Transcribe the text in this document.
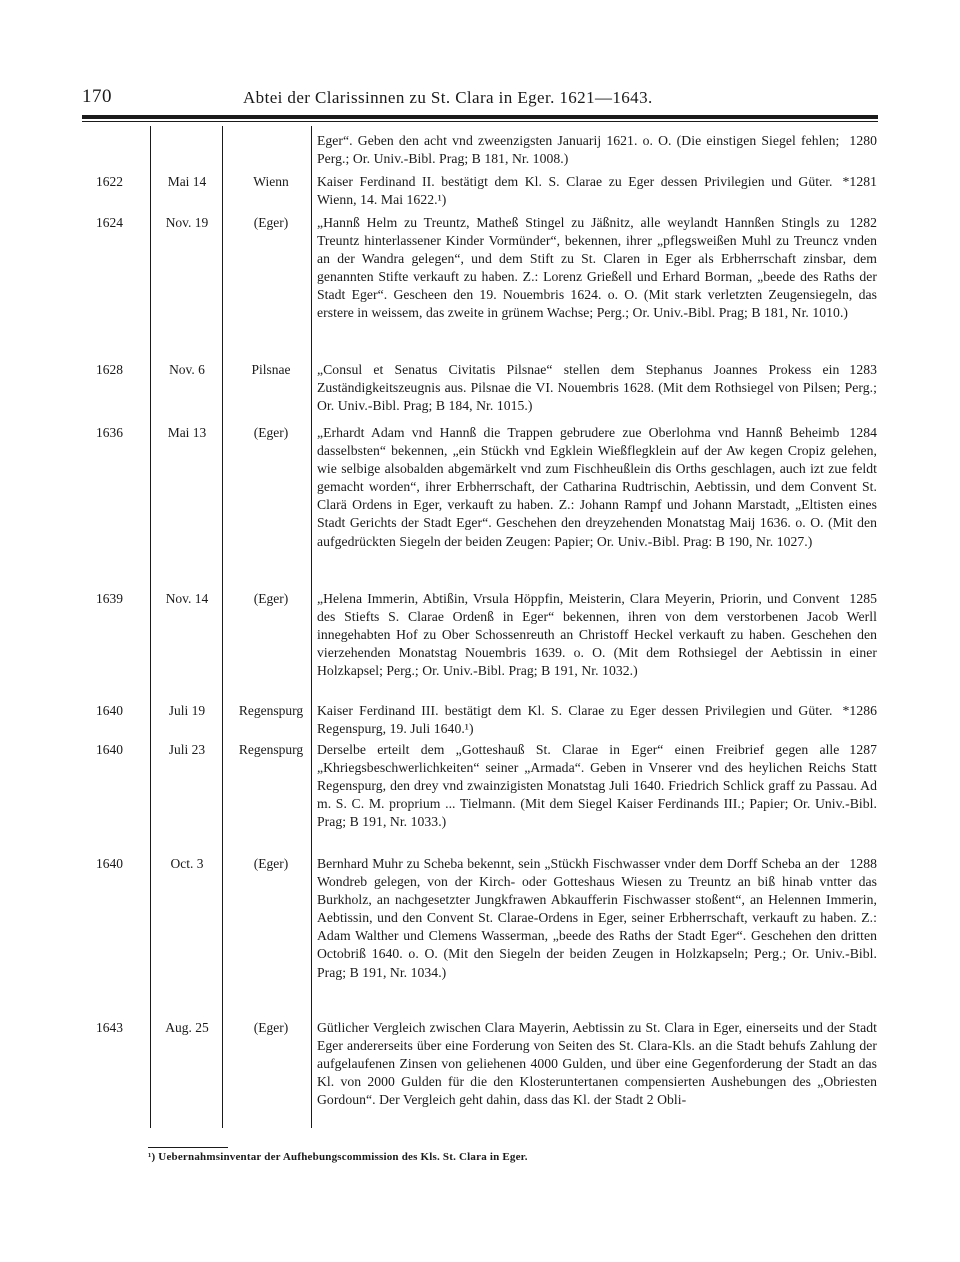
170	Abtei der Clarissinnen zu St. Clara in Eger. 1621—1643.
1280
Eger“. Geben den acht vnd zweenzigsten Januarij 1621. o. O. (Die einstigen Siegel fehlen; Perg.; Or. Univ.-Bibl. Prag; B 181, Nr. 1008.)
1622	Mai 14	Wienn	*1281
Kaiser Ferdinand II. bestätigt dem Kl. S. Clarae zu Eger dessen Privilegien und Güter. Wienn, 14. Mai 1622.¹)
1624	Nov. 19	(Eger)	1282
„Hannß Helm zu Treuntz, Matheß Stingel zu Jäßnitz, alle weylandt Hannßen Stingls zu Treuntz hinterlassener Kinder Vormünder“, bekennen, ihrer „pflegsweißen Muhl zu Treuncz vnden an der Wandra gelegen“, und dem Stift zu St. Claren in Eger als Erbherrschaft zinsbar, dem genannten Stifte verkauft zu haben. Z.: Lorenz Grießell und Erhard Borman, „beede des Raths der Stadt Eger“. Gescheen den 19. Nouembris 1624. o. O. (Mit stark verletzten Zeugensiegeln, das erstere in weissem, das zweite in grünem Wachse; Perg.; Or. Univ.-Bibl. Prag; B 181, Nr. 1010.)
1628	Nov. 6	Pilsnae	1283
„Consul et Senatus Civitatis Pilsnae“ stellen dem Stephanus Joannes Prokess ein Zuständigkeitszeugnis aus. Pilsnae die VI. Nouembris 1628. (Mit dem Rothsiegel von Pilsen; Perg.; Or. Univ.-Bibl. Prag; B 184, Nr. 1015.)
1636	Mai 13	(Eger)	1284
„Erhardt Adam vnd Hannß die Trappen gebrudere zue Oberlohma vnd Hannß Beheimb dasselbsten“ bekennen, „ein Stückh vnd Egklein Wießflegklein auf der Aw kegen Cropiz gelehen, wie selbige alsobalden abgemärkelt vnd zum Fischheußlein dis Orths geschlagen, auch izt zue feldt gemacht worden“, ihrer Erbherrschaft, der Catharina Rudtrischin, Aebtissin, und dem Convent St. Clarä Ordens in Eger, verkauft zu haben. Z.: Johann Rampf und Johann Marstadt, „Eltisten eines Stadt Gerichts der Stadt Eger“. Geschehen den dreyzehenden Monatstag Maij 1636. o. O. (Mit den aufgedrückten Siegeln der beiden Zeugen: Papier; Or. Univ.-Bibl. Prag: B 190, Nr. 1027.)
1639	Nov. 14	(Eger)	1285
„Helena Immerin, Abtißin, Vrsula Höppfin, Meisterin, Clara Meyerin, Priorin, und Convent des Stiefts S. Clarae Ordenß in Eger“ bekennen, ihren von dem verstorbenen Jacob Werll innegehabten Hof zu Ober Schossenreuth an Christoff Heckel verkauft zu haben. Geschehen den vierzehenden Monatstag Nouembris 1639. o. O. (Mit dem Rothsiegel der Aebtissin in einer Holzkapsel; Perg.; Or. Univ.-Bibl. Prag; B 191, Nr. 1032.)
1640	Juli 19	Regenspurg	*1286
Kaiser Ferdinand III. bestätigt dem Kl. S. Clarae zu Eger dessen Privilegien und Güter. Regenspurg, 19. Juli 1640.¹)
1640	Juli 23	Regenspurg	1287
Derselbe erteilt dem „Gotteshauß St. Clarae in Eger“ einen Freibrief gegen alle „Khriegsbeschwerlichkeiten“ seiner „Armada“. Geben in Vnserer vnd des heylichen Reichs Statt Regenspurg, den drey vnd zwainzigisten Monatstag Juli 1640. Friedrich Schlick graff zu Passau. Ad m. S. C. M. proprium ... Tielmann. (Mit dem Siegel Kaiser Ferdinands III.; Papier; Or. Univ.-Bibl. Prag; B 191, Nr. 1033.)
1640	Oct. 3	(Eger)	1288
Bernhard Muhr zu Scheba bekennt, sein „Stückh Fischwasser vnder dem Dorff Scheba an der Wondreb gelegen, von der Kirch- oder Gotteshaus Wiesen zu Treuntz an biß hinab vntter das Burkholz, an nachgesetzter Jungkfrawen Abkaufferin Fischwasser stoßent“, an Helennen Immerin, Aebtissin, und den Convent St. Clarae-Ordens in Eger, seiner Erbherrschaft, verkauft zu haben. Z.: Adam Walther und Clemens Wasserman, „beede des Raths der Stadt Eger“. Geschehen den dritten Octobriß 1640. o. O. (Mit den Siegeln der beiden Zeugen in Holzkapseln; Perg.; Or. Univ.-Bibl. Prag; B 191, Nr. 1034.)
1643	Aug. 25	(Eger)	Gütlicher Vergleich zwischen Clara Mayerin, Aebtissin zu St. Clara in Eger, einerseits und der Stadt Eger andererseits über eine Forderung von Seiten des St. Clara-Kls. an die Stadt behufs Zahlung der aufgelaufenen Zinsen von geliehenen 4000 Gulden, und über eine Gegenforderung der Stadt an das Kl. von 2000 Gulden für die den Klosteruntertanen compensierten Aushebungen des „Obriesten Gordoun“. Der Vergleich geht dahin, dass das Kl. der Stadt 2 Obli-
¹) Uebernahmsinventar der Aufhebungscommission des Kls. St. Clara in Eger.
